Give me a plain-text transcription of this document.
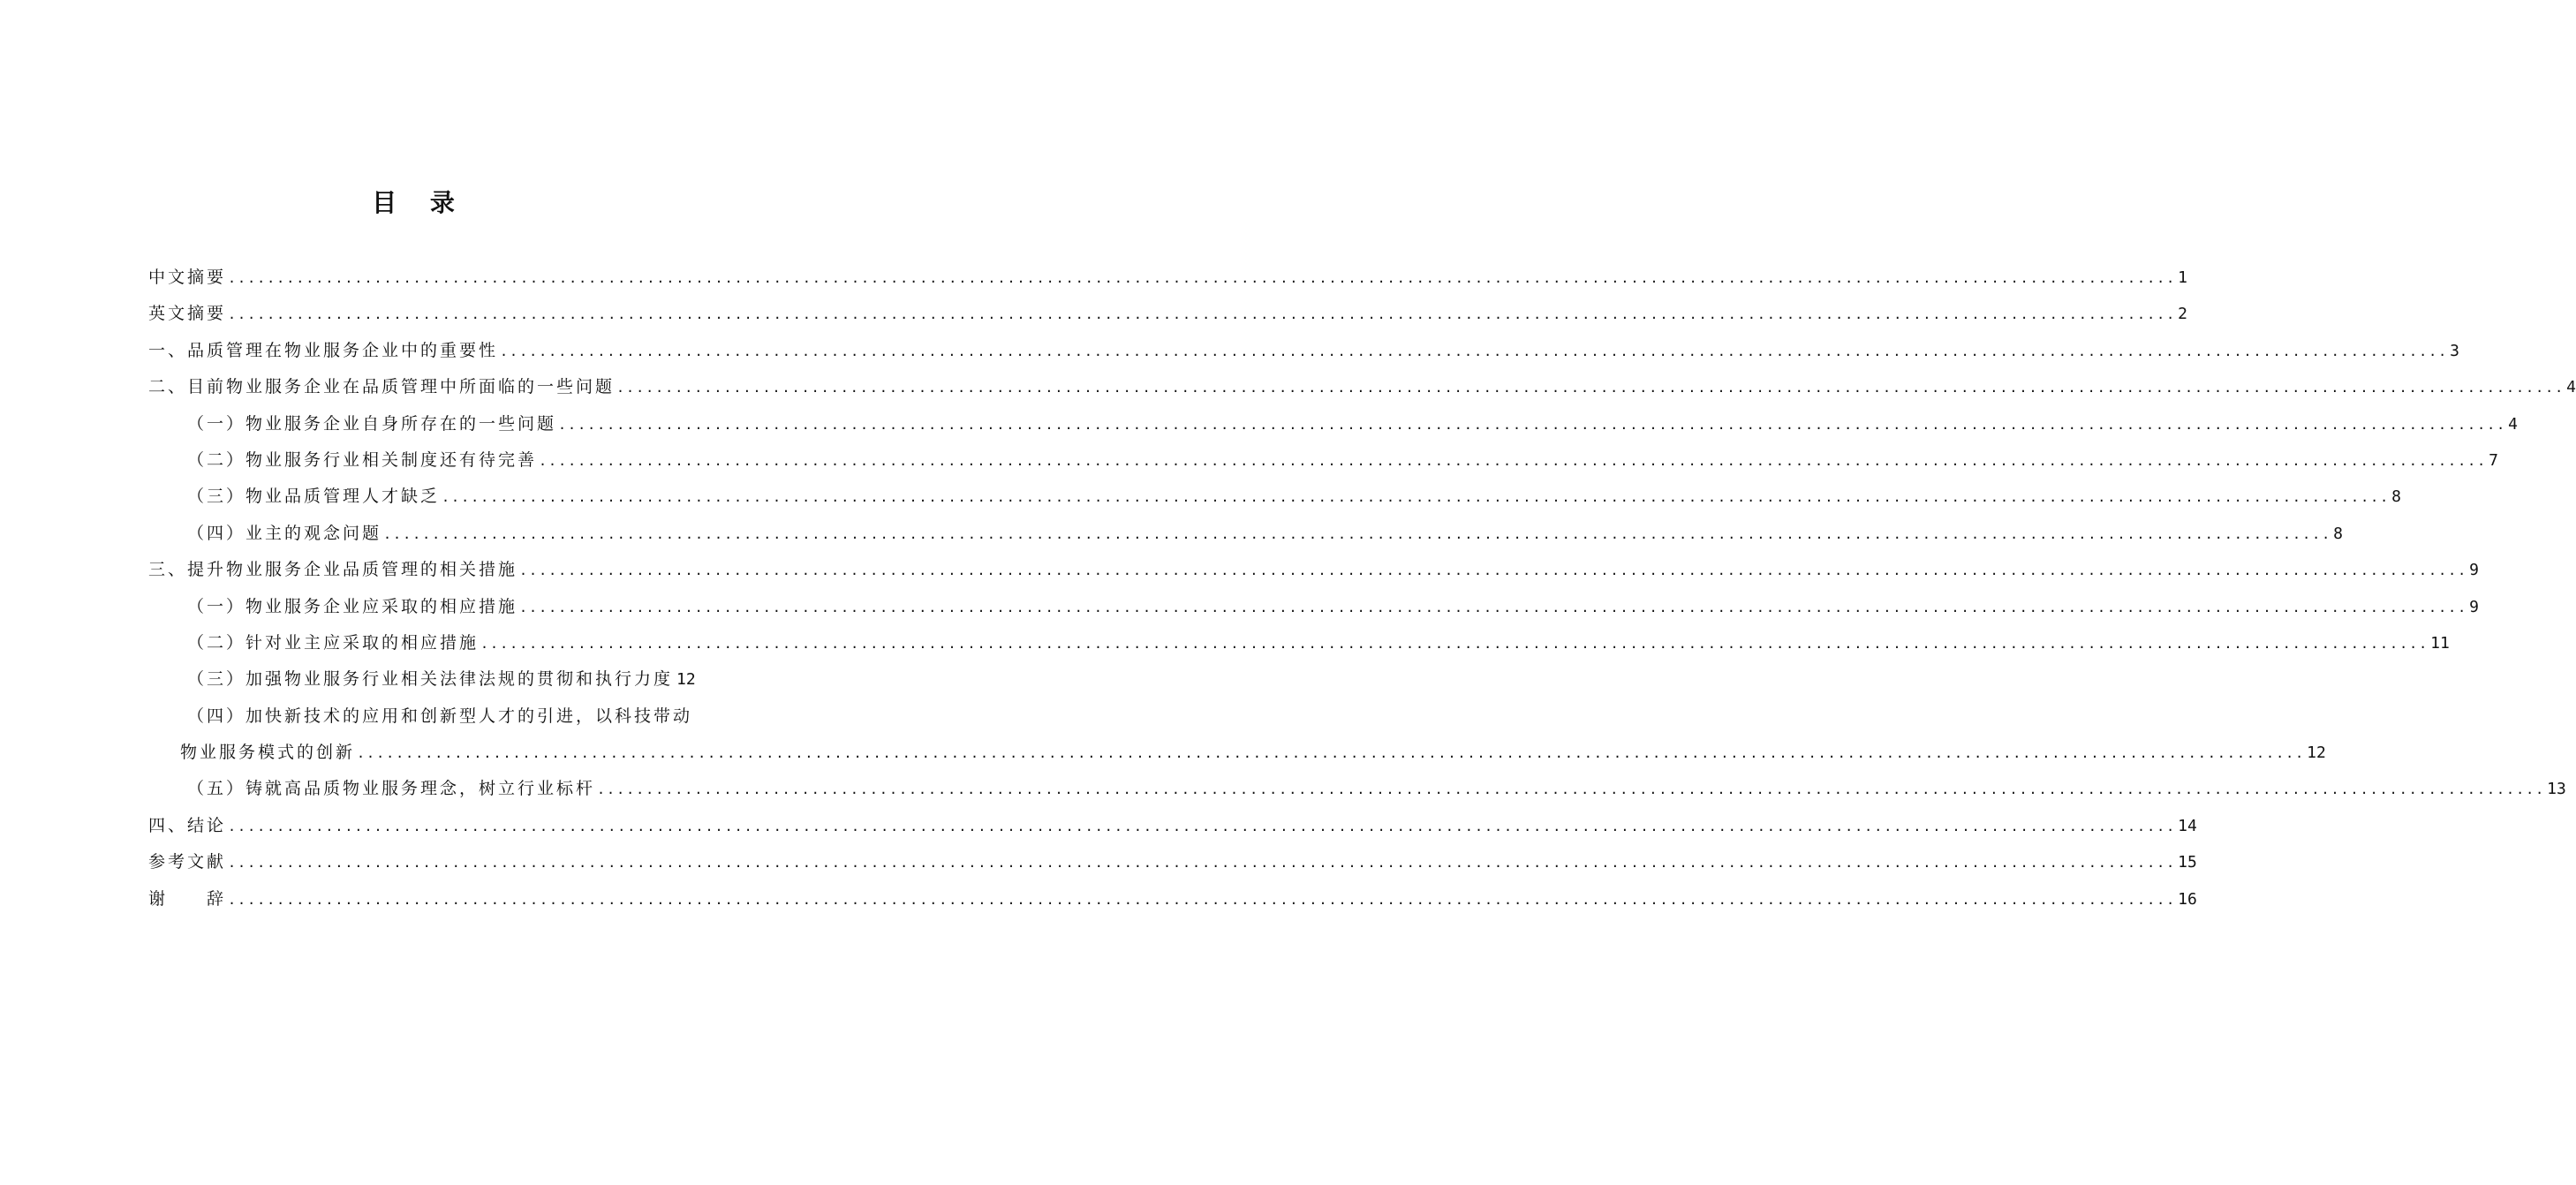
目 录
中文摘要 ........................................................................................................................................................................................................ 1
英文摘要 ........................................................................................................................................................................................................ 2
一、品质管理在物业服务企业中的重要性 ........................................................................................................................................................................................................ 3
二、目前物业服务企业在品质管理中所面临的一些问题 ........................................................................................................................................................................................................ 4
（一）物业服务企业自身所存在的一些问题 ........................................................................................................................................................................................................ 4
（二）物业服务行业相关制度还有待完善 ........................................................................................................................................................................................................ 7
（三）物业品质管理人才缺乏 ........................................................................................................................................................................................................ 8
（四）业主的观念问题 ........................................................................................................................................................................................................ 8
三、提升物业服务企业品质管理的相关措施 ........................................................................................................................................................................................................ 9
（一）物业服务企业应采取的相应措施 ........................................................................................................................................................................................................ 9
（二）针对业主应采取的相应措施 ........................................................................................................................................................................................................ 11
（三）加强物业服务行业相关法律法规的贯彻和执行力度 12
（四）加快新技术的应用和创新型人才的引进，以科技带动
物业服务模式的创新 ........................................................................................................................................................................................................ 12
（五）铸就高品质物业服务理念，树立行业标杆 ........................................................................................................................................................................................................ 13
四、结论 ........................................................................................................................................................................................................ 14
参考文献 ........................................................................................................................................................................................................ 15
谢　　辞 ........................................................................................................................................................................................................ 16
